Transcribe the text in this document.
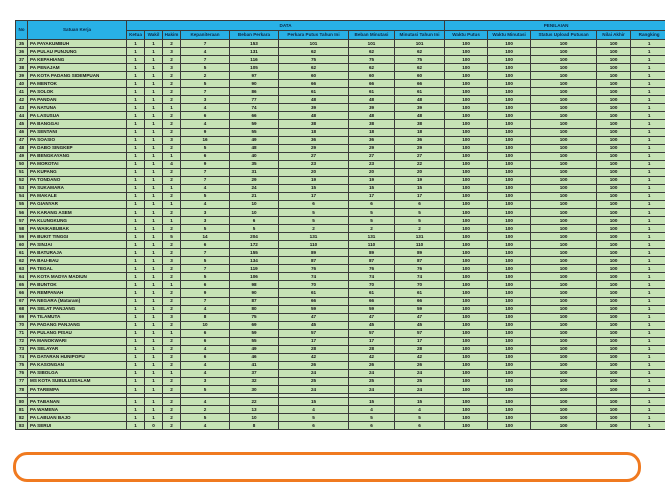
No	Satuan Kerja	DATA								PENILAIAN				
		Ketua	Wakil	Hakim	Kepaniteraan	Beban Perkara	Perkara Putus Tahun Ini	Beban Minutasi	Minutasi Tahun Ini	Waktu Putus	Waktu Minutasi	Status Upload Putusan	Nilai Akhir	Rangking
35	PA PAYAKUMBUH	1	1	2	7	153	101	101	101	100	100	100	100	1
36	PA PULAU PUNJUNG	1	1	3	4	131	62	62	62	100	100	100	100	1
37	PA KEPAHIANG	1	1	2	7	116	75	75	75	100	100	100	100	1
38	PA PENAJAM	1	1	3	5	105	62	62	62	100	100	100	100	1
39	PA KOTA PADANG SIDEMPUAN	1	1	2	2	97	60	60	60	100	100	100	100	1
40	PA MENTOK	1	1	2	5	90	66	66	66	100	100	100	100	1
41	PA SOLOK	1	1	2	7	86	61	61	61	100	100	100	100	1
42	PA PANDAN	1	1	2	3	77	48	48	48	100	100	100	100	1
43	PA NATUNA	1	1	1	4	74	39	39	39	100	100	100	100	1
44	PA LASUSUA	1	1	2	6	66	48	48	48	100	100	100	100	1
45	PA BANGGAI	1	1	2	4	59	38	38	38	100	100	100	100	1
46	PA SENTANI	1	1	2	9	55	18	18	18	100	100	100	100	1
47	PA SOASIO	1	1	3	16	49	36	36	36	100	100	100	100	1
48	PA DABO SINGKEP	1	1	2	5	48	29	29	29	100	100	100	100	1
49	PA BENGKAYANG	1	1	1	6	40	27	27	27	100	100	100	100	1
50	PA MOROTAI	1	1	4	9	35	23	23	22	100	100	100	100	1
51	PA KUPANG	1	1	2	7	31	20	20	20	100	100	100	100	1
52	PA TONDANO	1	1	2	7	29	19	19	19	100	100	100	100	1
53	PA SUKAMARA	1	1	1	4	24	15	15	15	100	100	100	100	1
54	PA MAKALE	1	1	2	5	21	17	17	17	100	100	100	100	1
55	PA GIANYAR	1	1	1	4	10	6	6	6	100	100	100	100	1
56	PA KARANG ASEM	1	1	2	3	10	5	5	5	100	100	100	100	1
57	PA KLUNGKUNG	1	1	1	3	6	5	5	5	100	100	100	100	1
58	PA WAIKABUBAK	1	1	2	5	5	2	2	2	100	100	100	100	1
59	PA BUKIT TINGGI	1	1	5	14	204	131	131	131	100	100	100	100	1
60	PA SINJAI	1	1	2	6	172	110	110	110	100	100	100	100	1
61	PA BATURAJA	1	1	2	7	155	89	89	89	100	100	100	100	1
62	PA BAU-BAU	1	1	3	5	134	87	87	87	100	100	100	100	1
63	PA TEGAL	1	1	2	7	119	76	76	76	100	100	100	100	1
64	PA KOTA MADYA MADIUN	1	1	2	5	106	74	74	74	100	100	100	100	1
65	PA BUNTOK	1	1	1	6	98	70	70	70	100	100	100	100	1
66	PA REMPANAH	1	1	2	9	90	61	61	61	100	100	100	100	1
67	PA NEGARA (Mataram)	1	1	2	7	87	66	66	66	100	100	100	100	1
68	PA SELAT PANJANG	1	1	2	4	80	59	59	59	100	100	100	100	1
69	PA TILAMUTA	1	1	3	8	75	47	47	47	100	100	100	100	1
70	PA PADANG PANJANG	1	1	2	10	69	45	45	45	100	100	100	100	1
71	PA PULANG PISAU	1	1	1	6	59	57	57	57	100	100	100	100	1
72	PA MANOKWARI	1	1	2	6	55	17	17	17	100	100	100	100	1
73	PA SELAYAR	1	1	2	4	49	28	28	28	100	100	100	100	1
74	PA DATARAN HUNIPOPU	1	1	2	6	46	42	42	42	100	100	100	100	1
75	PA KASONGAN	1	1	2	4	41	26	26	26	100	100	100	100	1
76	PA SIBOLGA	1	1	1	4	37	24	24	24	100	100	100	100	1
77	MS KOTA SUBULUSSALAM	1	1	2	3	32	25	25	25	100	100	100	100	1
78	PA TAREMPA	1	1	2	5	30	24	24	24	100	100	100	100	1

80	PA TABANAN	1	1	2	4	22	15	15	15	100	100	100	100	1
81	PA WAMENA	1	1	2	2	13	4	4	4	100	100	100	100	1
82	PA LABUAN BAJO	1	1	2	5	10	5	5	5	100	100	100	100	1
83	PA SERUI	1	0	2	4	8	6	6	6	100	100	100	100	1
